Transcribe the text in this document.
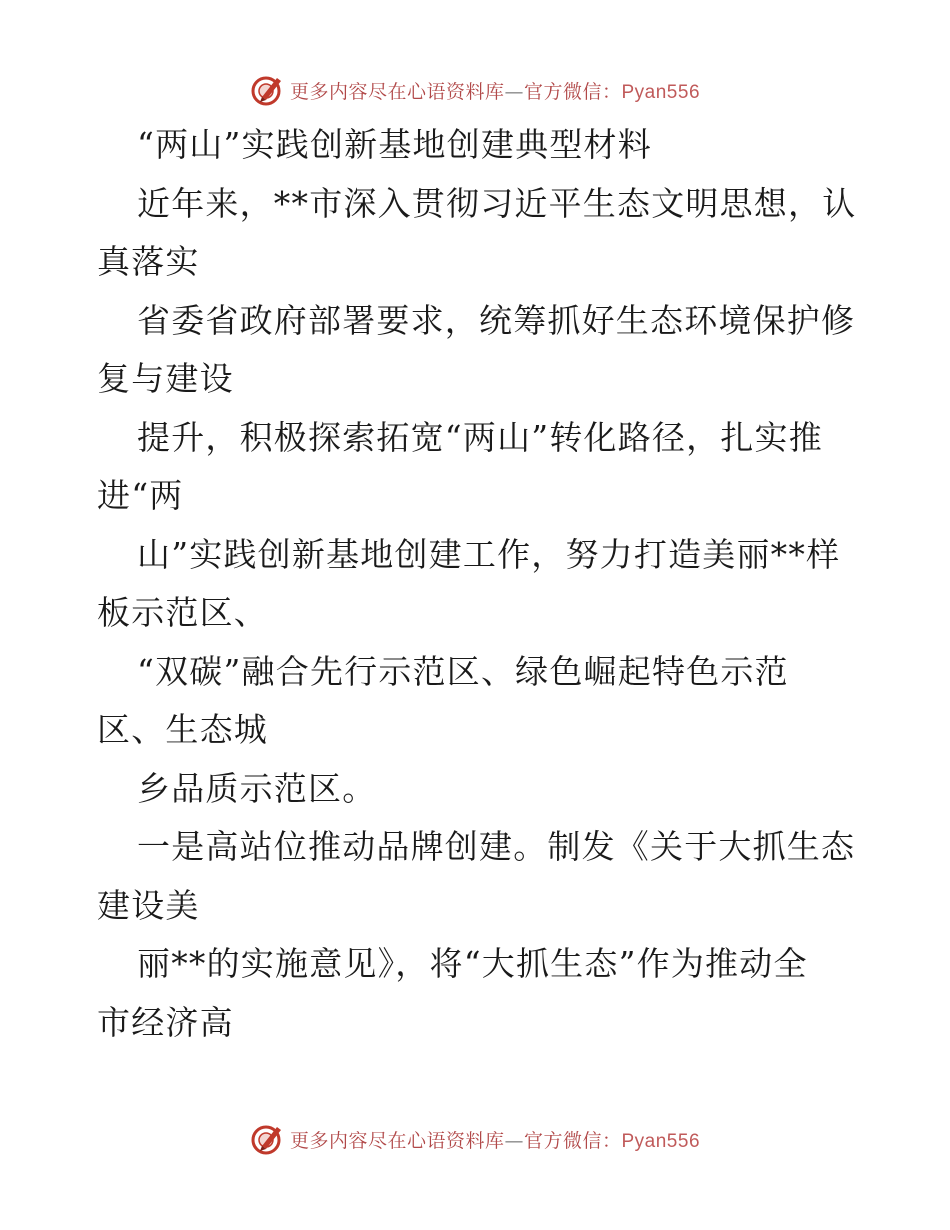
更多内容尽在心语资料库—官方微信：Pyan556
“两山”实践创新基地创建典型材料
近年来，**市深入贯彻习近平生态文明思想，认
真落实
省委省政府部署要求，统筹抓好生态环境保护修
复与建设
提升，积极探索拓宽“两山”转化路径，扎实推
进“两
山”实践创新基地创建工作，努力打造美丽**样
板示范区、
“双碳”融合先行示范区、绿色崛起特色示范
区、生态城
乡品质示范区。
一是高站位推动品牌创建。制发《关于大抓生态
建设美
丽**的实施意见》，将“大抓生态”作为推动全
市经济高
更多内容尽在心语资料库—官方微信：Pyan556
